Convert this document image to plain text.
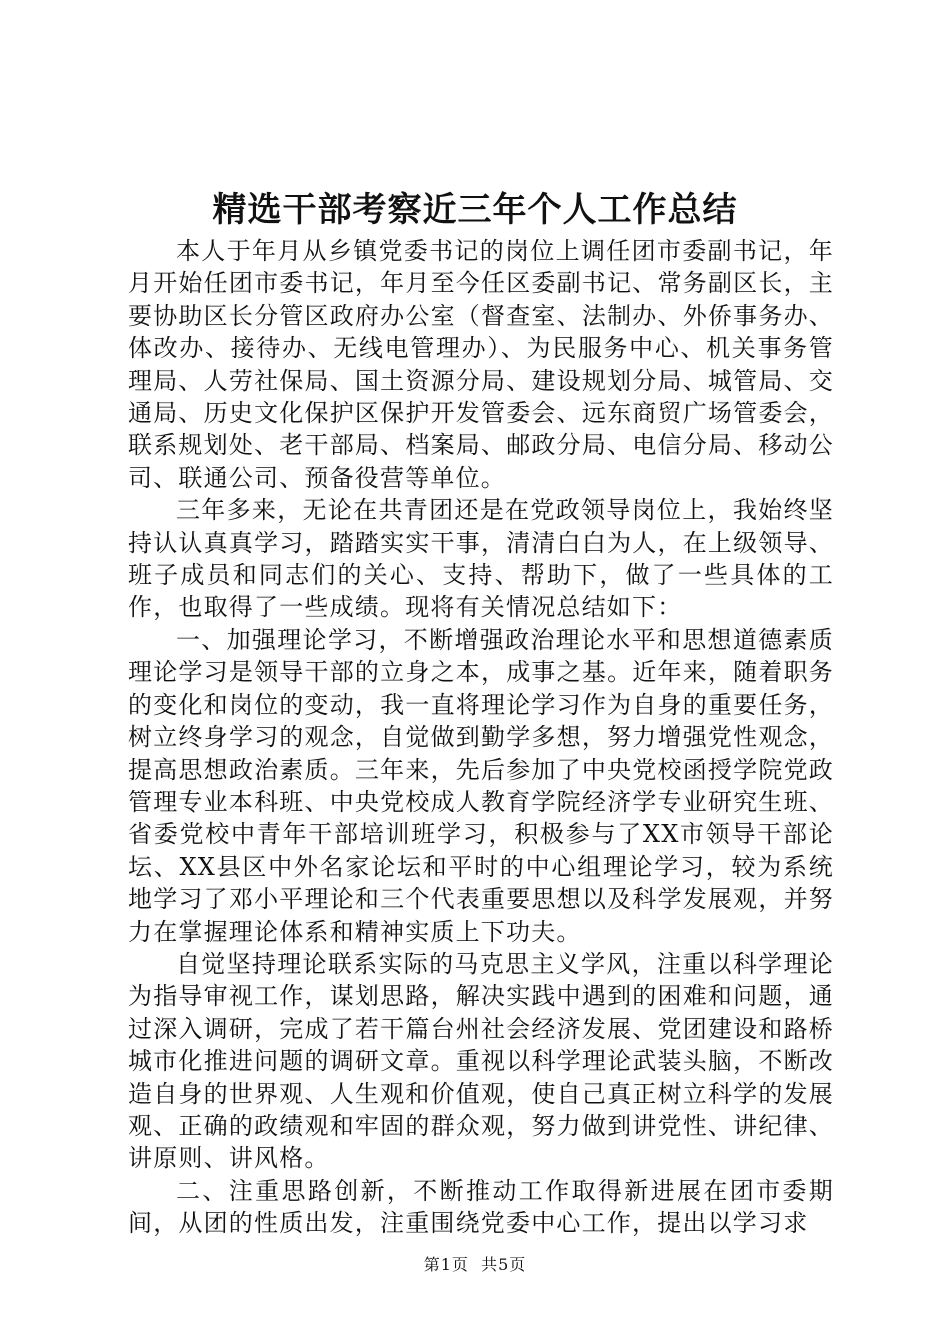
精选干部考察近三年个人工作总结

本人于年月从乡镇党委书记的岗位上调任团市委副书记，年月开始任团市委书记，年月至今任区委副书记、常务副区长，主要协助区长分管区政府办公室（督查室、法制办、外侨事务办、体改办、接待办、无线电管理办）、为民服务中心、机关事务管理局、人劳社保局、国土资源分局、建设规划分局、城管局、交通局、历史文化保护区保护开发管委会、远东商贸广场管委会，联系规划处、老干部局、档案局、邮政分局、电信分局、移动公司、联通公司、预备役营等单位。

三年多来，无论在共青团还是在党政领导岗位上，我始终坚持认认真真学习，踏踏实实干事，清清白白为人，在上级领导、班子成员和同志们的关心、支持、帮助下，做了一些具体的工作，也取得了一些成绩。现将有关情况总结如下：

一、加强理论学习，不断增强政治理论水平和思想道德素质理论学习是领导干部的立身之本，成事之基。近年来，随着职务的变化和岗位的变动，我一直将理论学习作为自身的重要任务，树立终身学习的观念，自觉做到勤学多想，努力增强党性观念，提高思想政治素质。三年来，先后参加了中央党校函授学院党政管理专业本科班、中央党校成人教育学院经济学专业研究生班、省委党校中青年干部培训班学习，积极参与了XX市领导干部论坛、XX县区中外名家论坛和平时的中心组理论学习，较为系统地学习了邓小平理论和三个代表重要思想以及科学发展观，并努力在掌握理论体系和精神实质上下功夫。

自觉坚持理论联系实际的马克思主义学风，注重以科学理论为指导审视工作，谋划思路，解决实践中遇到的困难和问题，通过深入调研，完成了若干篇台州社会经济发展、党团建设和路桥城市化推进问题的调研文章。重视以科学理论武装头脑，不断改造自身的世界观、人生观和价值观，使自己真正树立科学的发展观、正确的政绩观和牢固的群众观，努力做到讲党性、讲纪律、讲原则、讲风格。

二、注重思路创新，不断推动工作取得新进展在团市委期间，从团的性质出发，注重围绕党委中心工作，提出以学习求

第1页 共5页
